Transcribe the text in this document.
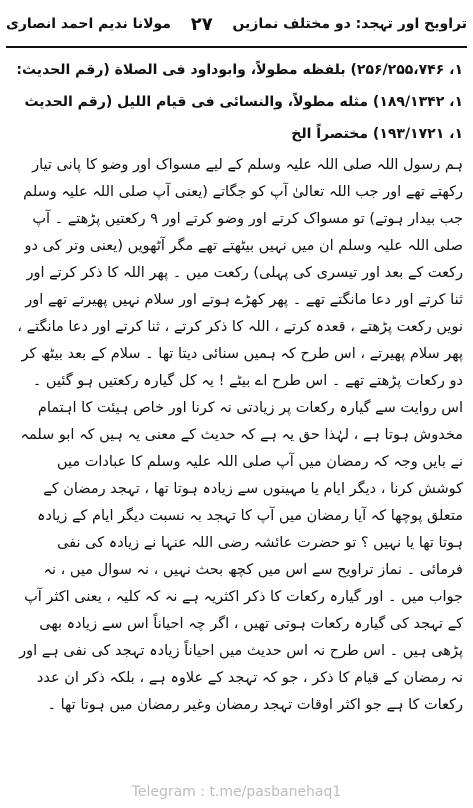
تراویح اور تہجد: دو مختلف نمازیں
۲۷
مولانا ندیم احمد انصاری

۱، ۲۵۶/۲۵۵،۷۴۶) بلفظه مطولاً، وابوداود فی الصلاة (رقم الحدیث:

۱، ۱۸۹/۱۳۴۲) مثله مطولاً، والنسائی فی قیام اللیل (رقم الحدیث

۱، ۱۹۳/۱۷۲۱) مختصراً الخ

ہم رسول اللہ صلی اللہ علیہ وسلم کے لیے مسواک اور وضو کا پانی تیار رکھتے تھے اور جب اللہ تعالیٰ آپ کو جگاتے (یعنی آپ صلی اللہ علیہ وسلم جب بیدار ہوتے) تو مسواک کرتے اور وضو کرتے اور ۹ رکعتیں پڑھتے ۔ آپ صلی اللہ علیہ وسلم ان میں نہیں بیٹھتے تھے مگر آٹھویں (یعنی وتر کی دو رکعت کے بعد اور تیسری کی پہلی) رکعت میں ۔ پھر اللہ کا ذکر کرتے اور ثنا کرتے اور دعا مانگتے تھے ۔ پھر کھڑے ہوتے اور سلام نہیں پھیرتے تھے اور نویں رکعت پڑھتے ، قعدہ کرتے ، اللہ کا ذکر کرتے ، ثنا کرتے اور دعا مانگتے ، پھر سلام پھیرتے ، اس طرح کہ ہمیں سنائی دیتا تھا ۔ سلام کے بعد بیٹھ کر دو رکعات پڑھتے تھے ۔ اس طرح اے بیٹے ! یہ کل گیارہ رکعتیں ہو گئیں ۔

اس روایت سے گیارہ رکعات پر زیادتی نہ کرنا اور خاص ہیئت کا اہتمام مخدوش ہوتا ہے ، لہٰذا حق یہ ہے کہ حدیث کے معنی یہ ہیں کہ ابو سلمہ نے بایں وجہ کہ رمضان میں آپ صلی اللہ علیہ وسلم کا عبادات میں کوشش کرنا ، دیگر ایام یا مہینوں سے زیادہ ہوتا تھا ، تہجد رمضان کے متعلق پوچھا کہ آیا رمضان میں آپ کا تہجد بہ نسبت دیگر ایام کے زیادہ ہوتا تھا یا نہیں ؟ تو حضرت عائشہ رضی اللہ عنہا نے زیادہ کی نفی فرمائی ۔ نماز تراویح سے اس میں کچھ بحث نہیں ، نہ سوال میں ، نہ جواب میں ۔ اور گیارہ رکعات کا ذکر اکثریہ ہے نہ کہ کلیہ ، یعنی اکثر آپ کے تہجد کی گیارہ رکعات ہوتی تھیں ، اگر چہ احیاناً اس سے زیادہ بھی پڑھی ہیں ۔ اس طرح نہ اس حدیث میں احیاناً زیادہ تہجد کی نفی ہے اور نہ رمضان کے قیام کا ذکر ، جو کہ تہجد کے علاوہ ہے ، بلکہ ذکر ان عدد رکعات کا ہے جو اکثر اوقات تہجد رمضان وغیر رمضان میں ہوتا تھا ۔

Telegram : t.me/pasbanehaq1
